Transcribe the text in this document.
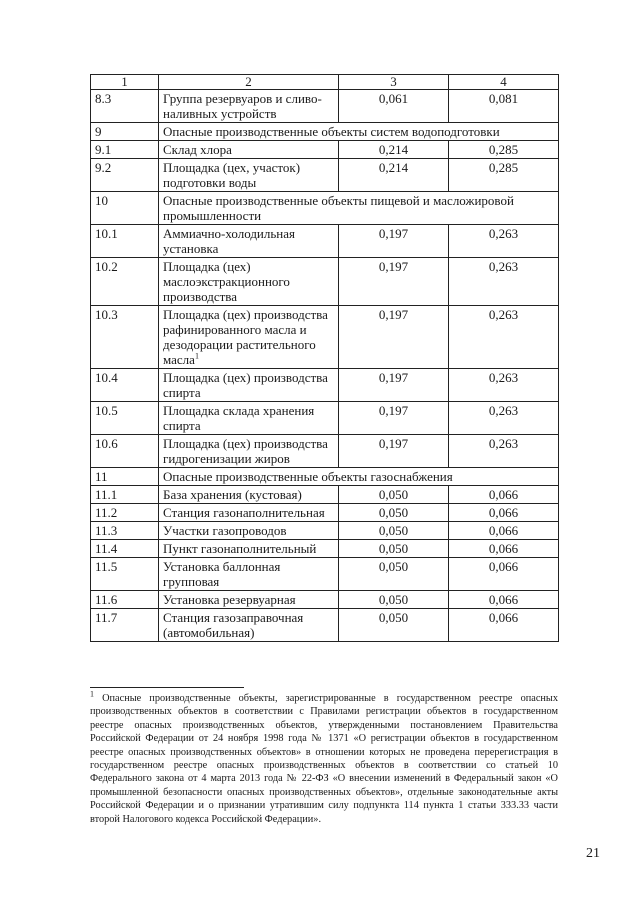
1	2	3	4
8.3	Группа резервуаров и сливо-наливных устройств	0,061	0,081
9	Опасные производственные объекты систем водоподготовки		
9.1	Склад хлора	0,214	0,285
9.2	Площадка (цех, участок) подготовки воды	0,214	0,285
10	Опасные производственные объекты пищевой и масложировой промышленности		
10.1	Аммиачно-холодильная установка	0,197	0,263
10.2	Площадка (цех) маслоэкстракционного производства	0,197	0,263
10.3	Площадка (цех) производства рафинированного масла и дезодорации растительного масла$^1$	0,197	0,263
10.4	Площадка (цех) производства спирта	0,197	0,263
10.5	Площадка склада хранения спирта	0,197	0,263
10.6	Площадка (цех) производства гидрогенизации жиров	0,197	0,263
11	Опасные производственные объекты газоснабжения		
11.1	База хранения (кустовая)	0,050	0,066
11.2	Станция газонаполнительная	0,050	0,066
11.3	Участки газопроводов	0,050	0,066
11.4	Пункт газонаполнительный	0,050	0,066
11.5	Установка баллонная групповая	0,050	0,066
11.6	Установка резервуарная	0,050	0,066
11.7	Станция газозаправочная (автомобильная)	0,050	0,066
$^1$ Опасные производственные объекты, зарегистрированные в государственном реестре опасных производственных объектов в соответствии с Правилами регистрации объектов в государственном реестре опасных производственных объектов, утвержденными постановлением Правительства Российской Федерации от 24 ноября 1998 года № 1371 «О регистрации объектов в государственном реестре опасных производственных объектов» в отношении которых не проведена перерегистрация в государственном реестре опасных производственных объектов в соответствии со статьей 10 Федерального закона от 4 марта 2013 года № 22-ФЗ «О внесении изменений в Федеральный закон «О промышленной безопасности опасных производственных объектов», отдельные законодательные акты Российской Федерации и о признании утратившим силу подпункта 114 пункта 1 статьи 333.33 части второй Налогового кодекса Российской Федерации».
21
